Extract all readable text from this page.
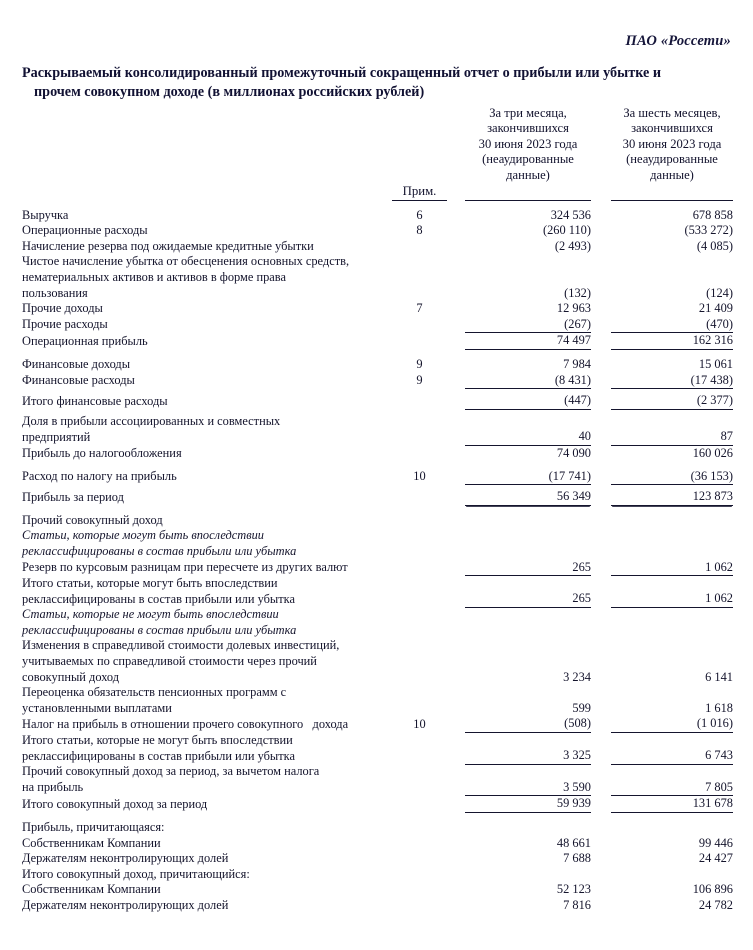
ПАО «Россети»
Раскрываемый консолидированный промежуточный сокращенный отчет о прибыли или убытке и
прочем совокупном доходе (в миллионах российских рублей)

За три месяца,
закончившихся
30 июня 2023 года
(неаудированные
данные)

За шесть месяцев,
закончившихся
30 июня 2023 года
(неаудированные
данные)

	Прим.				

Выручка	6		324 536		678 858
Операционные расходы	8		(260 110)		(533 272)
Начисление резерва под ожидаемые кредитные убытки			(2 493)		(4 085)
Чистое начисление убытка от обесценения основных средств,					
нематериальных активов и активов в форме права					
пользования			(132)		(124)
Прочие доходы	7		12 963		21 409
Прочие расходы			(267)		(470)
Операционная прибыль			74 497		162 316

Финансовые доходы	9		7 984		15 061
Финансовые расходы	9		(8 431)		(17 438)

Итого финансовые расходы			(447)		(2 377)

Доля в прибыли ассоциированных и совместных					
предприятий			40		87
Прибыль до налогообложения			74 090		160 026

Расход по налогу на прибыль	10		(17 741)		(36 153)

Прибыль за период			56 349		123 873

Прочий совокупный доход					
Статьи, которые могут быть впоследствии					
реклассифицированы в состав прибыли или убытка					
Резерв по курсовым разницам при пересчете из других валют			265		1 062
Итого статьи, которые могут быть впоследствии					
реклассифицированы в состав прибыли или убытка			265		1 062
Статьи, которые не могут быть впоследствии					
реклассифицированы в состав прибыли или убытка					
Изменения в справедливой стоимости долевых инвестиций,					
учитываемых по справедливой стоимости через прочий					
совокупный доход			3 234		6 141
Переоценка обязательств пенсионных программ с					
установленными выплатами			599		1 618
Налог на прибыль в отношении прочего совокупного   дохода	10		(508)		(1 016)
Итого статьи, которые не могут быть впоследствии					
реклассифицированы в состав прибыли или убытка			3 325		6 743
Прочий совокупный доход за период, за вычетом налога					
на прибыль			3 590		7 805
Итого совокупный доход за период			59 939		131 678

Прибыль, причитающаяся:					
Собственникам Компании			48 661		99 446
Держателям неконтролирующих долей			7 688		24 427
Итого совокупный доход, причитающийся:					
Собственникам Компании			52 123		106 896
Держателям неконтролирующих долей			7 816		24 782
